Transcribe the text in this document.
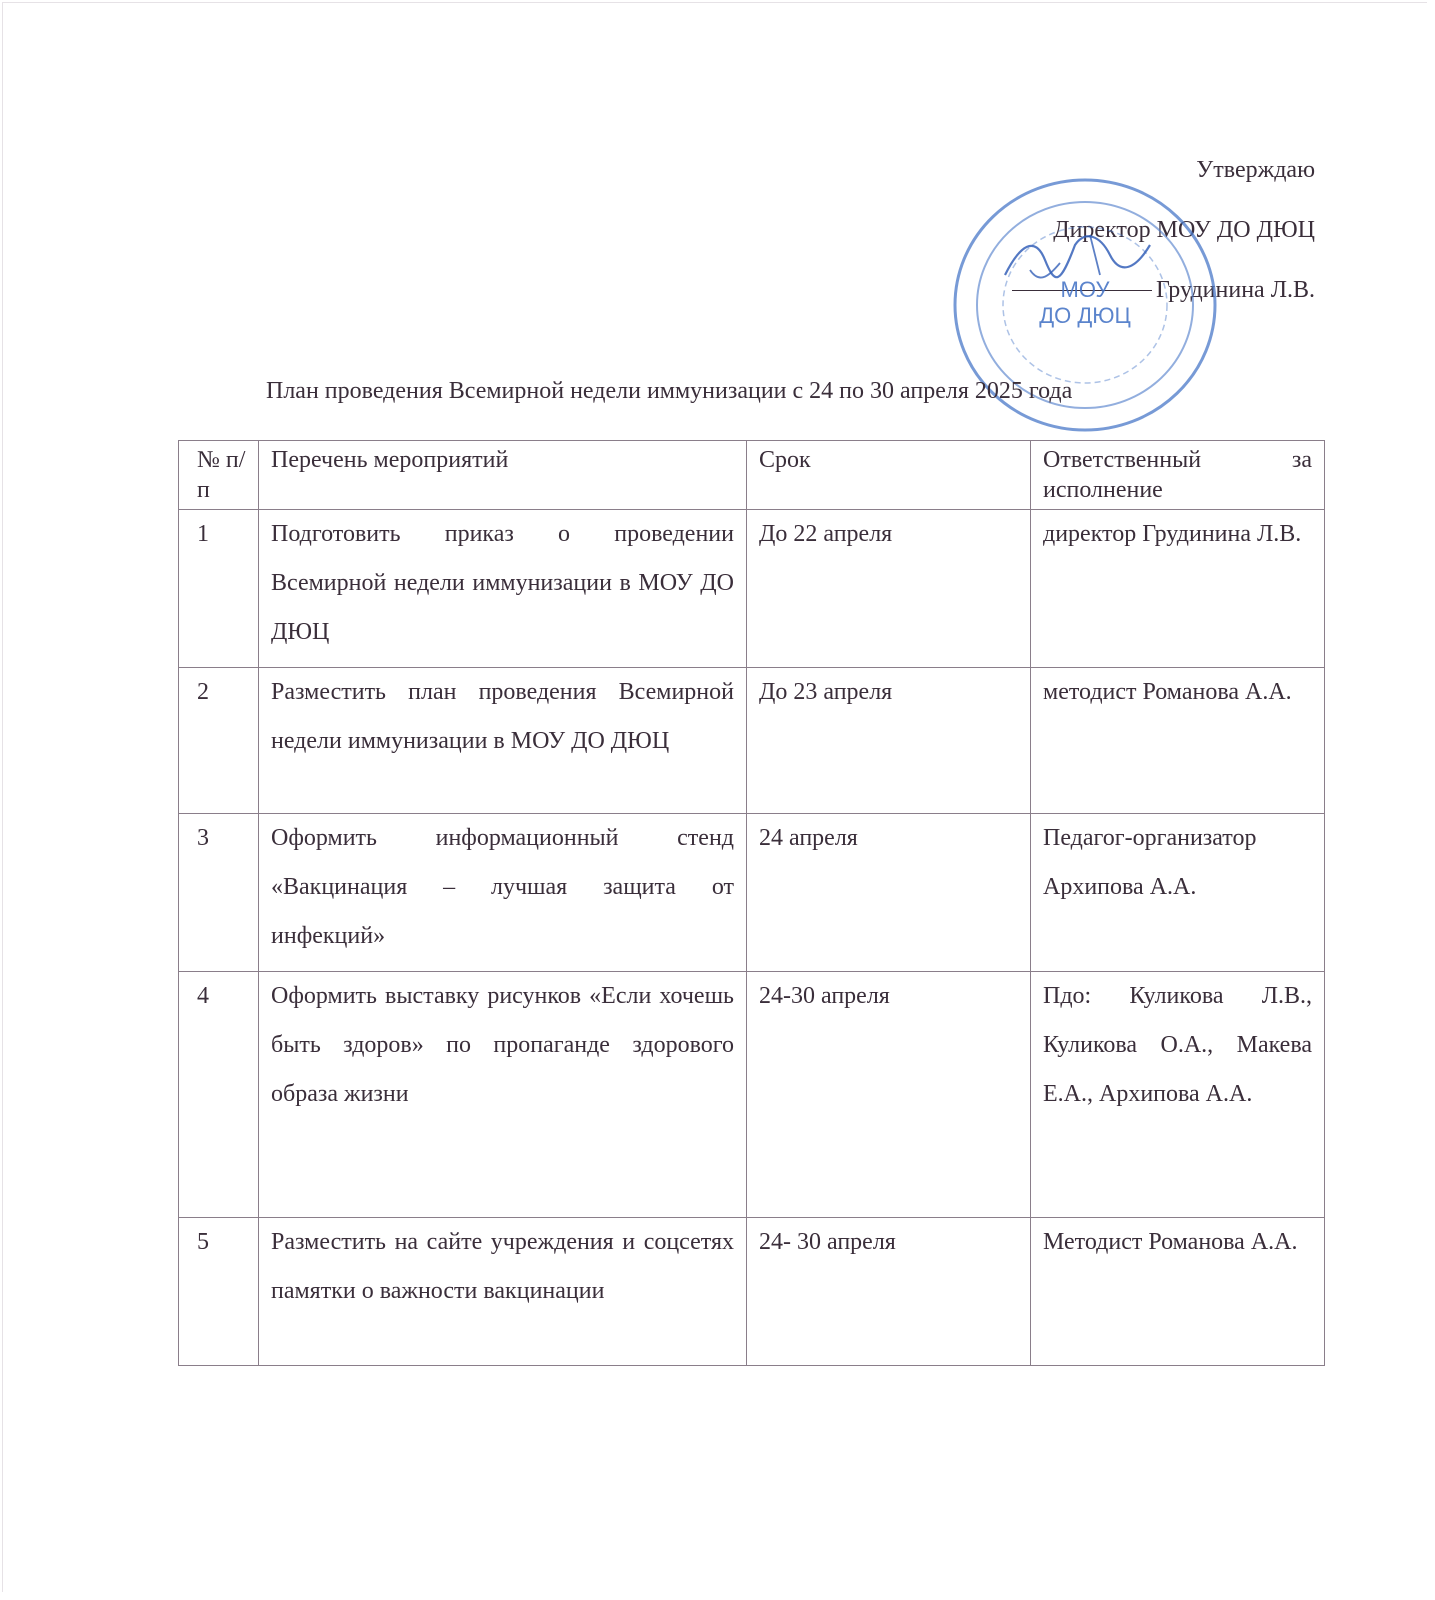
Утверждаю
Директор МОУ ДО ДЮЦ
Грудинина Л.В.
МОУ
ДО ДЮЦ
План проведения Всемирной недели иммунизации с 24 по 30 апреля 2025 года
№ п/п	Перечень мероприятий	Срок	Ответственный за исполнение
1	Подготовить приказ о проведении Всемирной недели иммунизации в МОУ ДО ДЮЦ	До 22 апреля	директор Грудинина Л.В.
2	Разместить план проведения Всемирной недели иммунизации в МОУ ДО ДЮЦ	До 23 апреля	методист Романова А.А.
3	Оформить информационный стенд «Вакцинация – лучшая защита от инфекций»	24 апреля	Педагог-организатор Архипова А.А.
4	Оформить выставку рисунков «Если хочешь быть здоров» по пропаганде здорового образа жизни	24-30 апреля	Пдо: Куликова Л.В., Куликова О.А., Макева Е.А., Архипова А.А.
5	Разместить на сайте учреждения и соцсетях памятки о важности вакцинации	24- 30 апреля	Методист Романова А.А.
